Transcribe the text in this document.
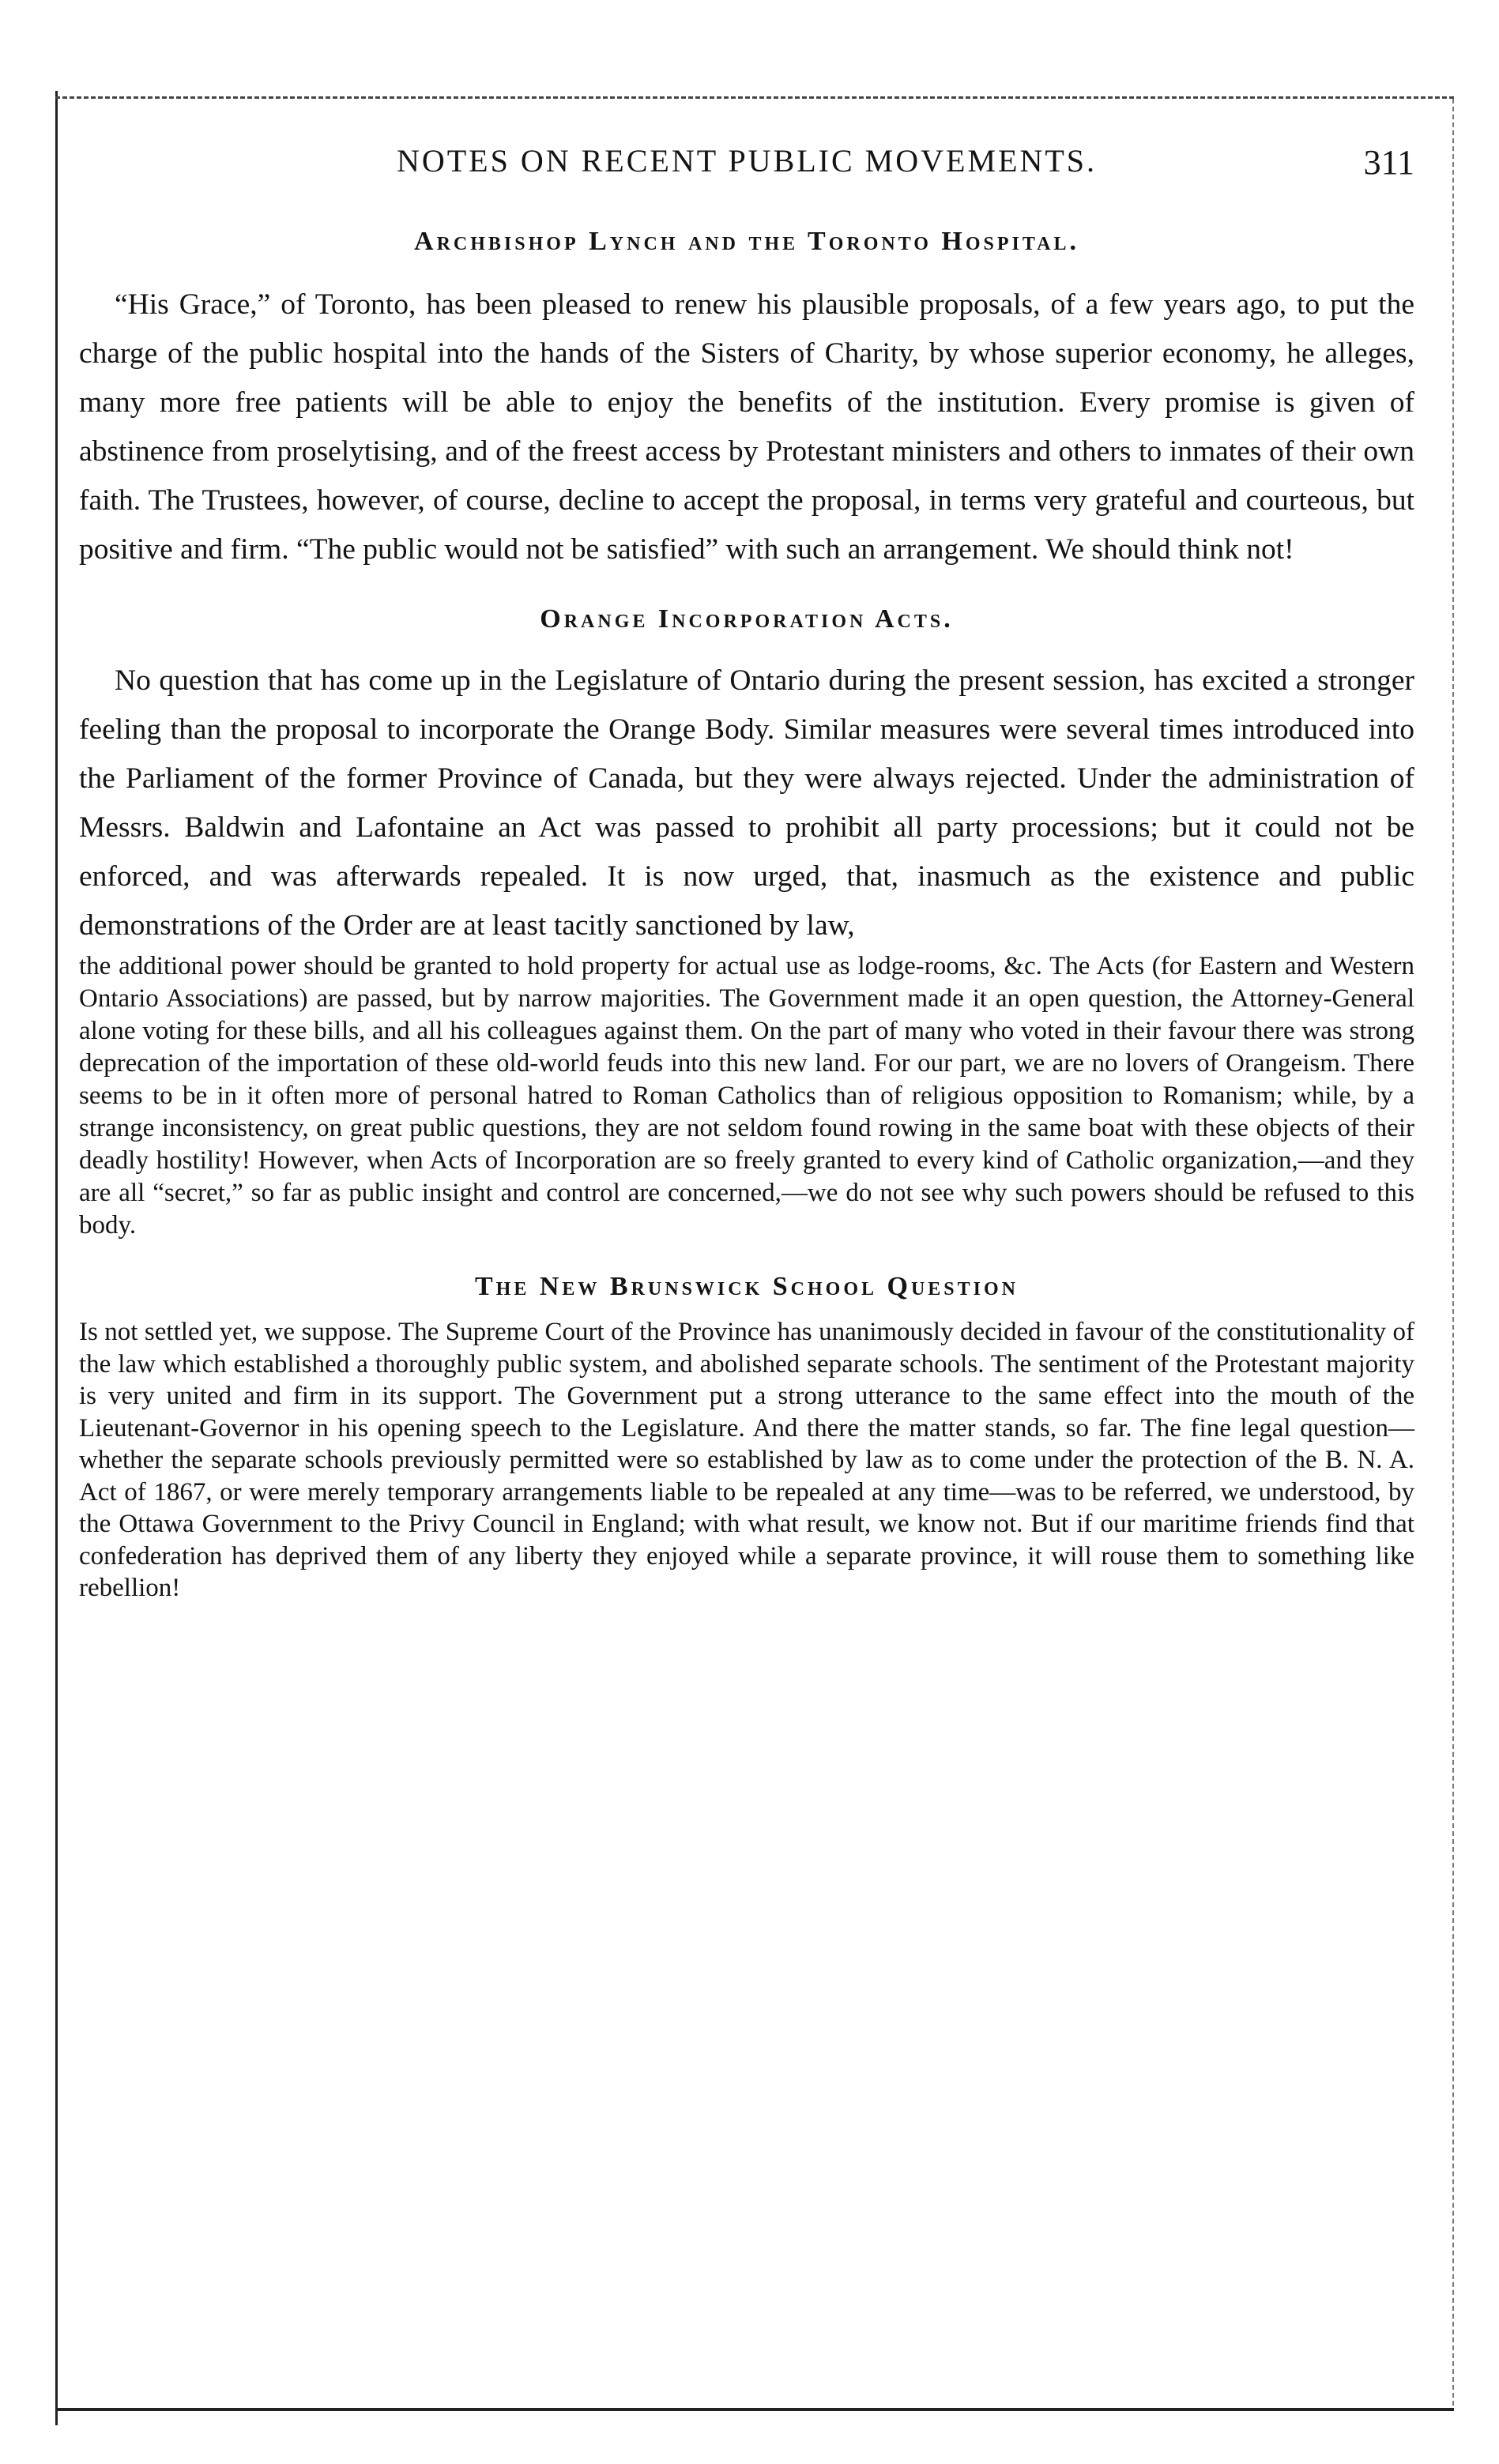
NOTES ON RECENT PUBLIC MOVEMENTS.	311
Archbishop Lynch and the Toronto Hospital.

“His Grace,” of Toronto, has been pleased to renew his plausible proposals, of a few years ago, to put the charge of the public hospital into the hands of the Sisters of Charity, by whose superior economy, he alleges, many more free patients will be able to enjoy the benefits of the institution. Every promise is given of abstinence from proselytising, and of the freest access by Protestant ministers and others to inmates of their own faith. The Trustees, however, of course, decline to accept the proposal, in terms very grateful and courteous, but positive and firm. “The public would not be satisfied” with such an arrangement. We should think not!

Orange Incorporation Acts.

No question that has come up in the Legislature of Ontario during the present session, has excited a stronger feeling than the proposal to incorporate the Orange Body. Similar measures were several times introduced into the Parliament of the former Province of Canada, but they were always rejected. Under the administration of Messrs. Baldwin and Lafontaine an Act was passed to prohibit all party processions; but it could not be enforced, and was afterwards repealed. It is now urged, that, inasmuch as the existence and public demonstrations of the Order are at least tacitly sanctioned by law,

the additional power should be granted to hold property for actual use as lodge-rooms, &c. The Acts (for Eastern and Western Ontario Associations) are passed, but by narrow majorities. The Government made it an open question, the Attorney-General alone voting for these bills, and all his colleagues against them. On the part of many who voted in their favour there was strong deprecation of the importation of these old-world feuds into this new land. For our part, we are no lovers of Orangeism. There seems to be in it often more of personal hatred to Roman Catholics than of religious opposition to Romanism; while, by a strange inconsistency, on great public questions, they are not seldom found rowing in the same boat with these objects of their deadly hostility! However, when Acts of Incorporation are so freely granted to every kind of Catholic organization,—and they are all “secret,” so far as public insight and control are concerned,—we do not see why such powers should be refused to this body.

The New Brunswick School Question

Is not settled yet, we suppose. The Supreme Court of the Province has unanimously decided in favour of the constitutionality of the law which established a thoroughly public system, and abolished separate schools. The sentiment of the Protestant majority is very united and firm in its support. The Government put a strong utterance to the same effect into the mouth of the Lieutenant-Governor in his opening speech to the Legislature. And there the matter stands, so far. The fine legal question—whether the separate schools previously permitted were so established by law as to come under the protection of the B. N. A. Act of 1867, or were merely temporary arrangements liable to be repealed at any time—was to be referred, we understood, by the Ottawa Government to the Privy Council in England; with what result, we know not. But if our maritime friends find that confederation has deprived them of any liberty they enjoyed while a separate province, it will rouse them to something like rebellion!
